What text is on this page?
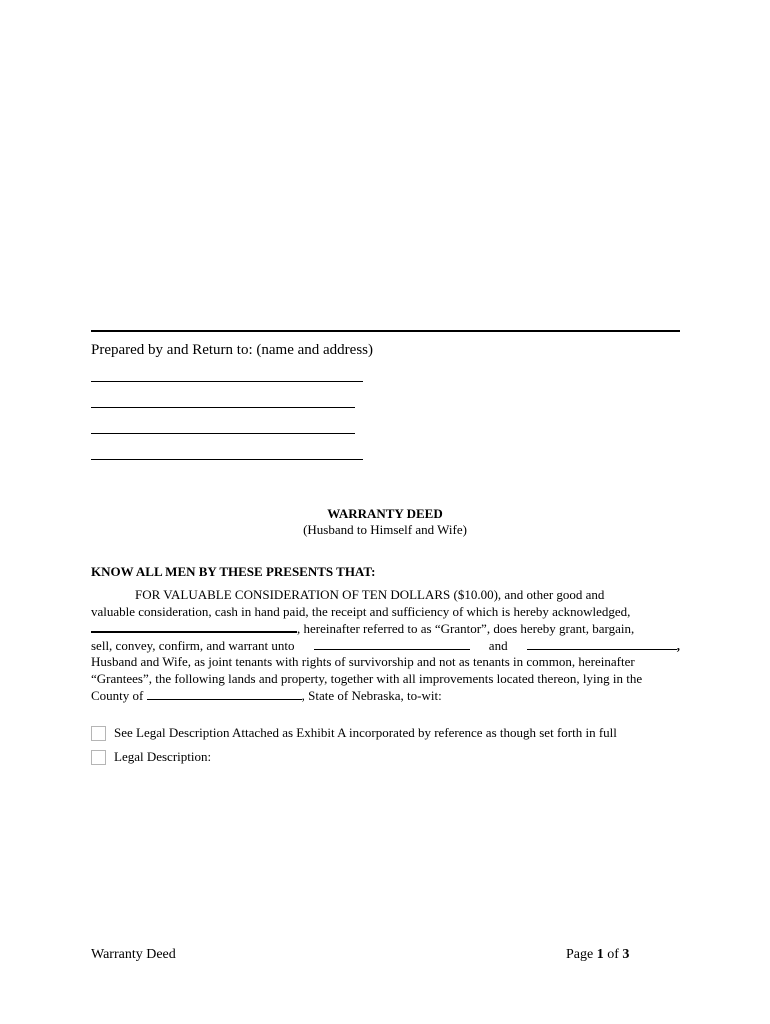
Prepared by and Return to: (name and address)
WARRANTY DEED
(Husband to Himself and Wife)
KNOW ALL MEN BY THESE PRESENTS THAT:
FOR VALUABLE CONSIDERATION OF TEN DOLLARS ($10.00), and other good and
valuable consideration, cash in hand paid, the receipt and sufficiency of which is hereby acknowledged,
, hereinafter referred to as “Grantor”, does hereby grant, bargain,
sell, convey, confirm, and warrant unto	and	,
Husband and Wife, as joint tenants with rights of survivorship and not as tenants in common, hereinafter
“Grantees”, the following lands and property, together with all improvements located thereon, lying in the
County of	, State of Nebraska, to-wit:
See Legal Description Attached as Exhibit A incorporated by reference as though set forth in full
Legal Description:
Warranty Deed	Page 1 of 3
